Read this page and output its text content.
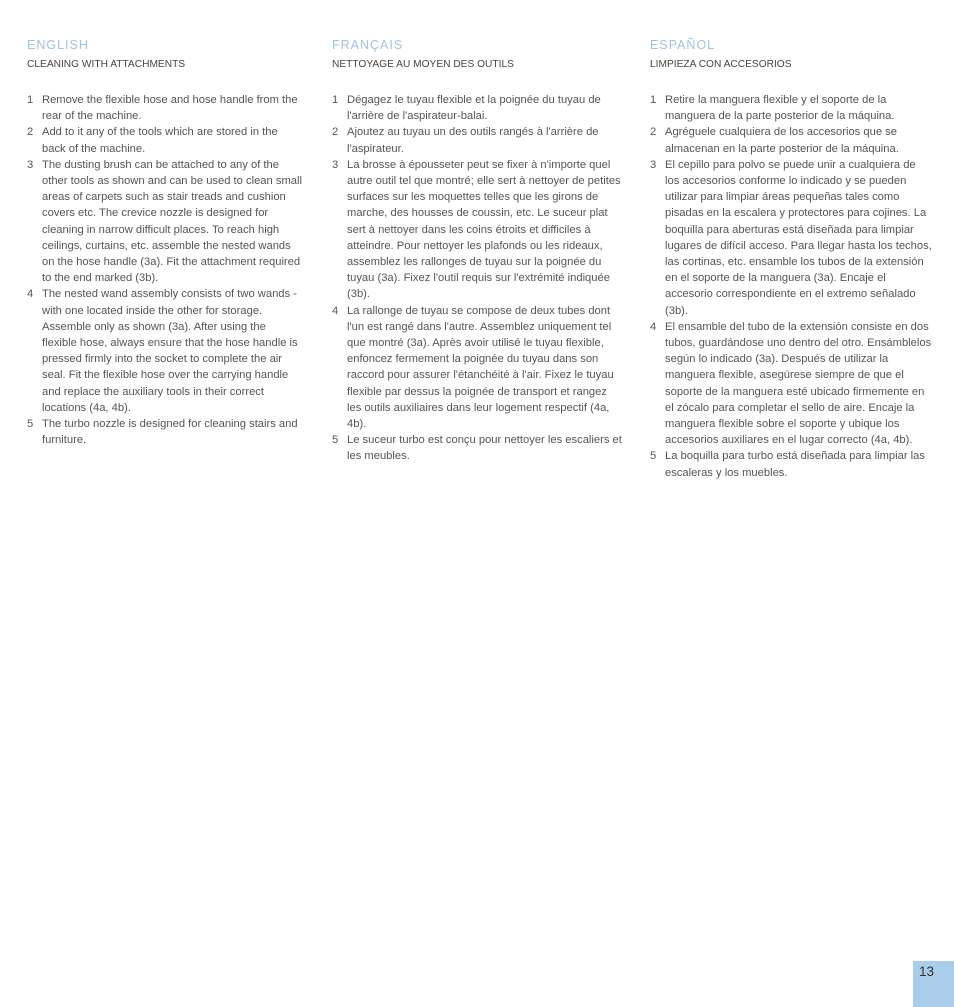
ENGLISH
CLEANING WITH ATTACHMENTS
1 Remove the flexible hose and hose handle from the rear of the machine.
2 Add to it any of the tools which are stored in the back of the machine.
3 The dusting brush can be attached to any of the other tools as shown and can be used to clean small areas of carpets such as stair treads and cushion covers etc. The crevice nozzle is designed for cleaning in narrow difficult places. To reach high ceilings, curtains, etc. assemble the nested wands on the hose handle (3a). Fit the attachment required to the end marked (3b).
4 The nested wand assembly consists of two wands - with one located inside the other for storage. Assemble only as shown (3a). After using the flexible hose, always ensure that the hose handle is pressed firmly into the socket to complete the air seal. Fit the flexible hose over the carrying handle and replace the auxiliary tools in their correct locations (4a, 4b).
5 The turbo nozzle is designed for cleaning stairs and furniture.
FRANÇAIS
NETTOYAGE AU MOYEN DES OUTILS
1 Dégagez le tuyau flexible et la poignée du tuyau de l'arrière de l'aspirateur-balai.
2 Ajoutez au tuyau un des outils rangés à l'arrière de l'aspirateur.
3 La brosse à épousseter peut se fixer à n'importe quel autre outil tel que montré; elle sert à nettoyer de petites surfaces sur les moquettes telles que les girons de marche, des housses de coussin, etc. Le suceur plat sert à nettoyer dans les coins étroits et difficiles à atteindre. Pour nettoyer les plafonds ou les rideaux, assemblez les rallonges de tuyau sur la poignée du tuyau (3a). Fixez l'outil requis sur l'extrémité indiquée (3b).
4 La rallonge de tuyau se compose de deux tubes dont l'un est rangé dans l'autre. Assemblez uniquement tel que montré (3a). Après avoir utilisé le tuyau flexible, enfoncez fermement la poignée du tuyau dans son raccord pour assurer l'étanchéité à l'air. Fixez le tuyau flexible par dessus la poignée de transport et rangez les outils auxiliaires dans leur logement respectif (4a, 4b).
5 Le suceur turbo est conçu pour nettoyer les escaliers et les meubles.
ESPAÑOL
LIMPIEZA CON ACCESORIOS
1 Retire la manguera flexible y el soporte de la manguera de la parte posterior de la máquina.
2 Agréguele cualquiera de los accesorios que se almacenan en la parte posterior de la máquina.
3 El cepillo para polvo se puede unir a cualquiera de los accesorios conforme lo indicado y se pueden utilizar para limpiar áreas pequeñas tales como pisadas en la escalera y protectores para cojines. La boquilla para aberturas está diseñada para limpiar lugares de difícil acceso. Para llegar hasta los techos, las cortinas, etc. ensamble los tubos de la extensión en el soporte de la manguera (3a). Encaje el accesorio correspondiente en el extremo señalado (3b).
4 El ensamble del tubo de la extensión consiste en dos tubos, guardándose uno dentro del otro. Ensámblelos según lo indicado (3a). Después de utilizar la manguera flexible, asegúrese siempre de que el soporte de la manguera esté ubicado firmemente en el zócalo para completar el sello de aire. Encaje la manguera flexible sobre el soporte y ubique los accesorios auxiliares en el lugar correcto (4a, 4b).
5 La boquilla para turbo está diseñada para limpiar las escaleras y los muebles.
13
